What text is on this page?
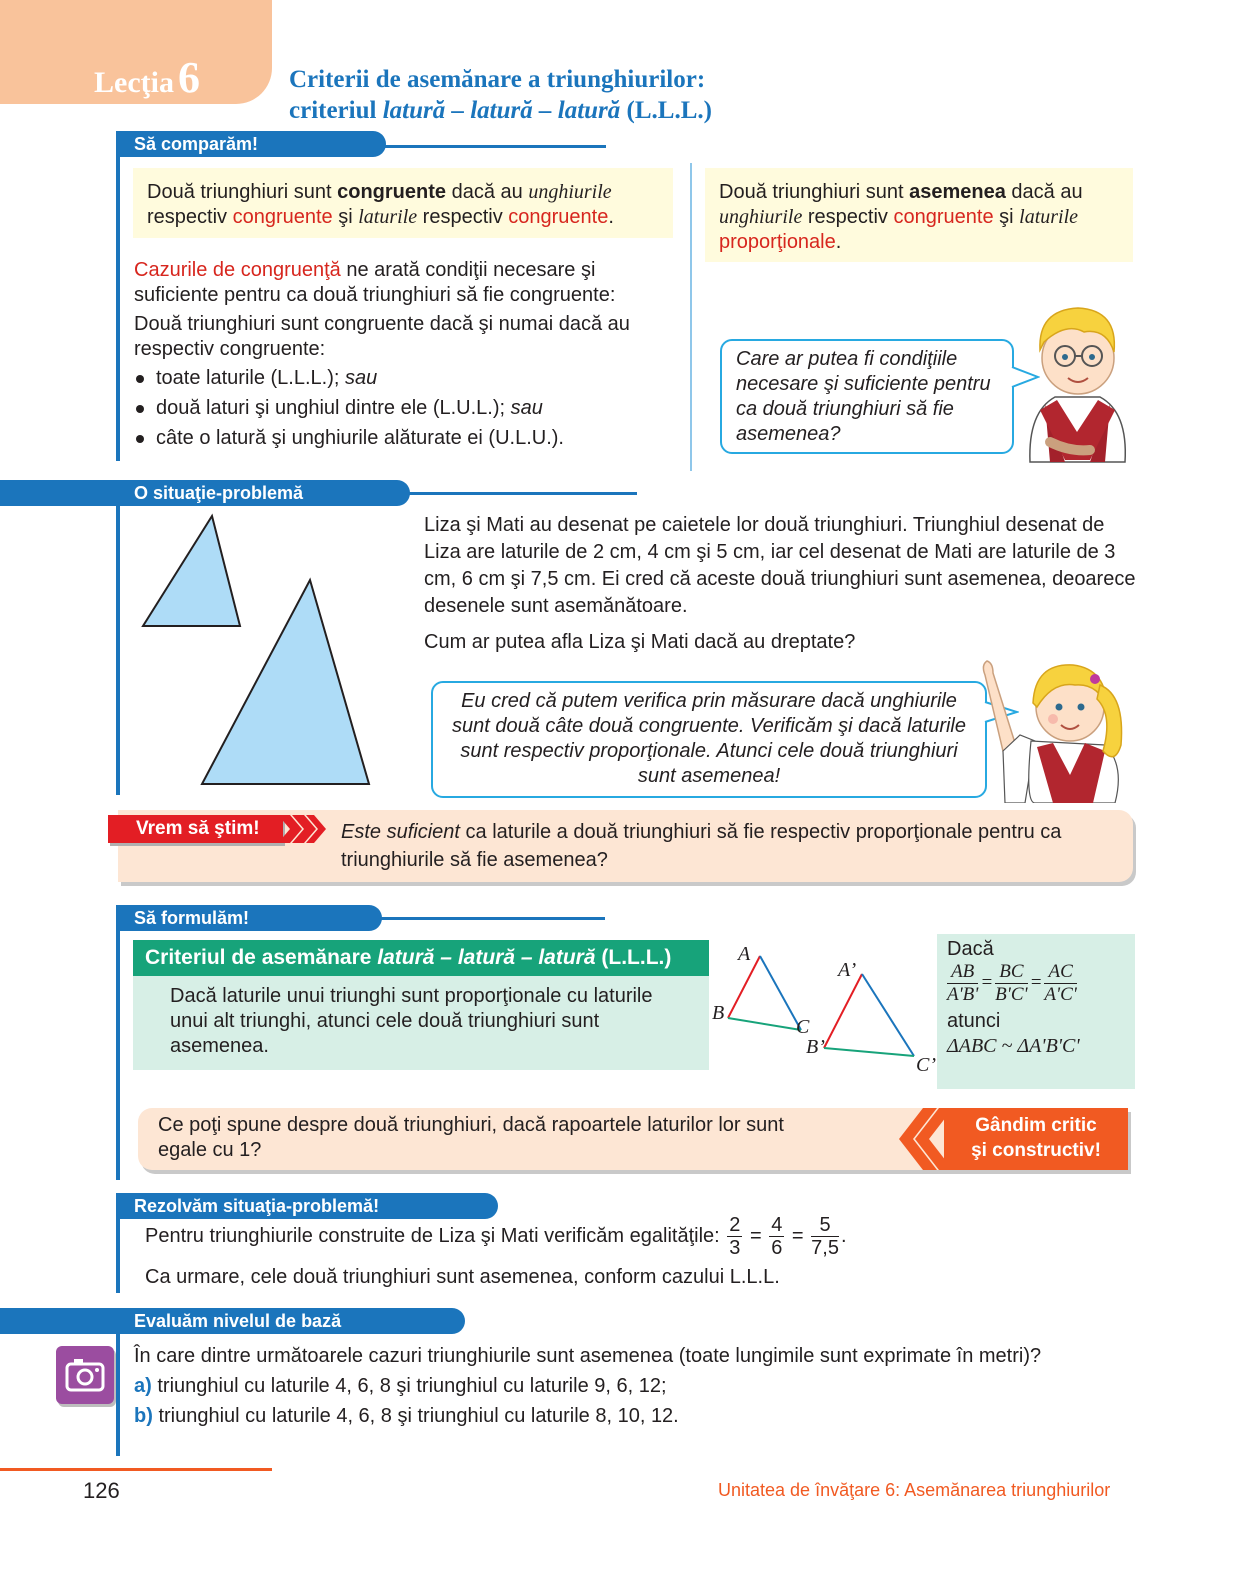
Lecţia 6	Criterii de asemănare a triunghiurilor:
criteriul latură – latură – latură (L.L.L.)
Să comparăm!
Două triunghiuri sunt congruente dacă au unghiurile
respectiv congruente şi laturile respectiv congruente.
Două triunghiuri sunt asemenea dacă au
unghiurile respectiv congruente şi laturile
proporţionale.
Cazurile de congruenţă ne arată condiţii necesare şi suficiente pentru ca două triunghiuri să fie congruente:
Două triunghiuri sunt congruente dacă şi numai dacă au respectiv congruente:
toate laturile (L.L.L.); sau
două laturi şi unghiul dintre ele (L.U.L.); sau
câte o latură şi unghiurile alăturate ei (U.L.U.).
Care ar putea fi condiţiile necesare şi suficiente pentru ca două triunghiuri să fie asemenea?
O situaţie-problemă
Liza şi Mati au desenat pe caietele lor două triunghiuri. Triunghiul desenat de Liza are laturile de 2 cm, 4 cm şi 5 cm, iar cel desenat de Mati are laturile de 3 cm, 6 cm şi 7,5 cm. Ei cred că aceste două triunghiuri sunt asemenea, deoarece desenele sunt asemănătoare.
Cum ar putea afla Liza şi Mati dacă au dreptate?
Eu cred că putem verifica prin măsurare dacă unghiurile sunt două câte două congruente. Verificăm şi dacă laturile sunt respectiv proporţionale. Atunci cele două triunghiuri sunt asemenea!
Vrem să ştim!	Este suficient ca laturile a două triunghiuri să fie respectiv proporţionale pentru ca triunghiurile să fie asemenea?
Să formulăm!
Criteriul de asemănare latură – latură – latură (L.L.L.)
Dacă laturile unui triunghi sunt proporţionale cu laturile unui alt triunghi, atunci cele două triunghiuri sunt asemenea.
A
B
C
A’
B’
C’
Dacă
$\frac{AB}{A'B'} = \frac{BC}{B'C'} = \frac{AC}{A'C'}$
atunci
ΔABC ~ ΔA'B'C'
Ce poţi spune despre două triunghiuri, dacă rapoartele laturilor lor sunt egale cu 1?
Gândim critic
şi constructiv!
Rezolvăm situaţia-problemă!
Pentru triunghiurile construite de Liza şi Mati verificăm egalităţile: $\frac{2}{3} = \frac{4}{6} = \frac{5}{7,5}$ .
Ca urmare, cele două triunghiuri sunt asemenea, conform cazului L.L.L.
Evaluăm nivelul de bază
În care dintre următoarele cazuri triunghiurile sunt asemenea (toate lungimile sunt exprimate în metri)?
a) triunghiul cu laturile 4, 6, 8 şi triunghiul cu laturile 9, 6, 12;
b) triunghiul cu laturile 4, 6, 8 şi triunghiul cu laturile 8, 10, 12.
126	Unitatea de învăţare 6: Asemănarea triunghiurilor
